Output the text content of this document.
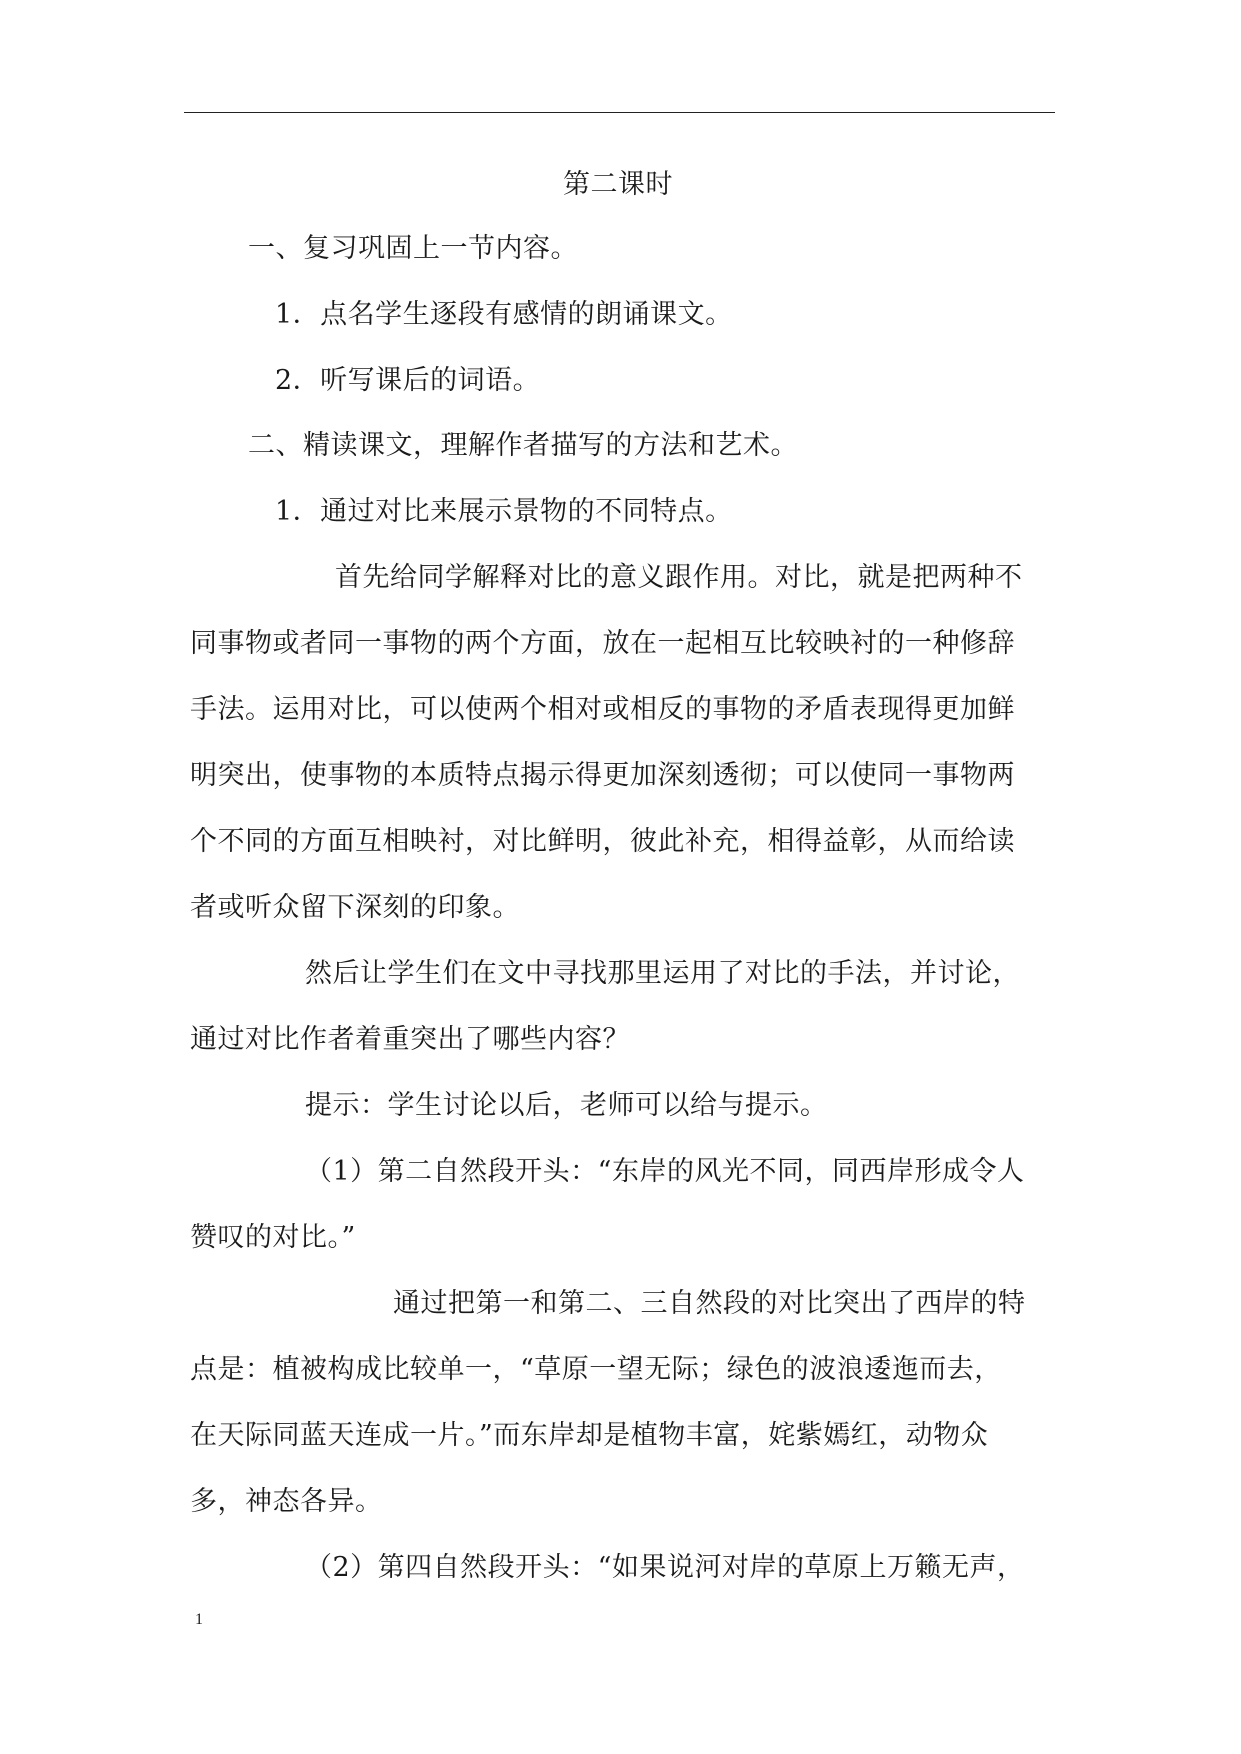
第二课时
一、复习巩固上一节内容。
1．点名学生逐段有感情的朗诵课文。
2．听写课后的词语。
二、精读课文，理解作者描写的方法和艺术。
1．通过对比来展示景物的不同特点。
首先给同学解释对比的意义跟作用。对比，就是把两种不
同事物或者同一事物的两个方面，放在一起相互比较映衬的一种修辞
手法。运用对比，可以使两个相对或相反的事物的矛盾表现得更加鲜
明突出，使事物的本质特点揭示得更加深刻透彻；可以使同一事物两
个不同的方面互相映衬，对比鲜明，彼此补充，相得益彰，从而给读
者或听众留下深刻的印象。
然后让学生们在文中寻找那里运用了对比的手法，并讨论，
通过对比作者着重突出了哪些内容？
提示：学生讨论以后，老师可以给与提示。
（1）第二自然段开头：“东岸的风光不同，同西岸形成令人
赞叹的对比。”
通过把第一和第二、三自然段的对比突出了西岸的特
点是：植被构成比较单一，“草原一望无际；绿色的波浪逶迤而去，
在天际同蓝天连成一片。”而东岸却是植物丰富，姹紫嫣红，动物众
多，神态各异。
（2）第四自然段开头：“如果说河对岸的草原上万籁无声，
1
